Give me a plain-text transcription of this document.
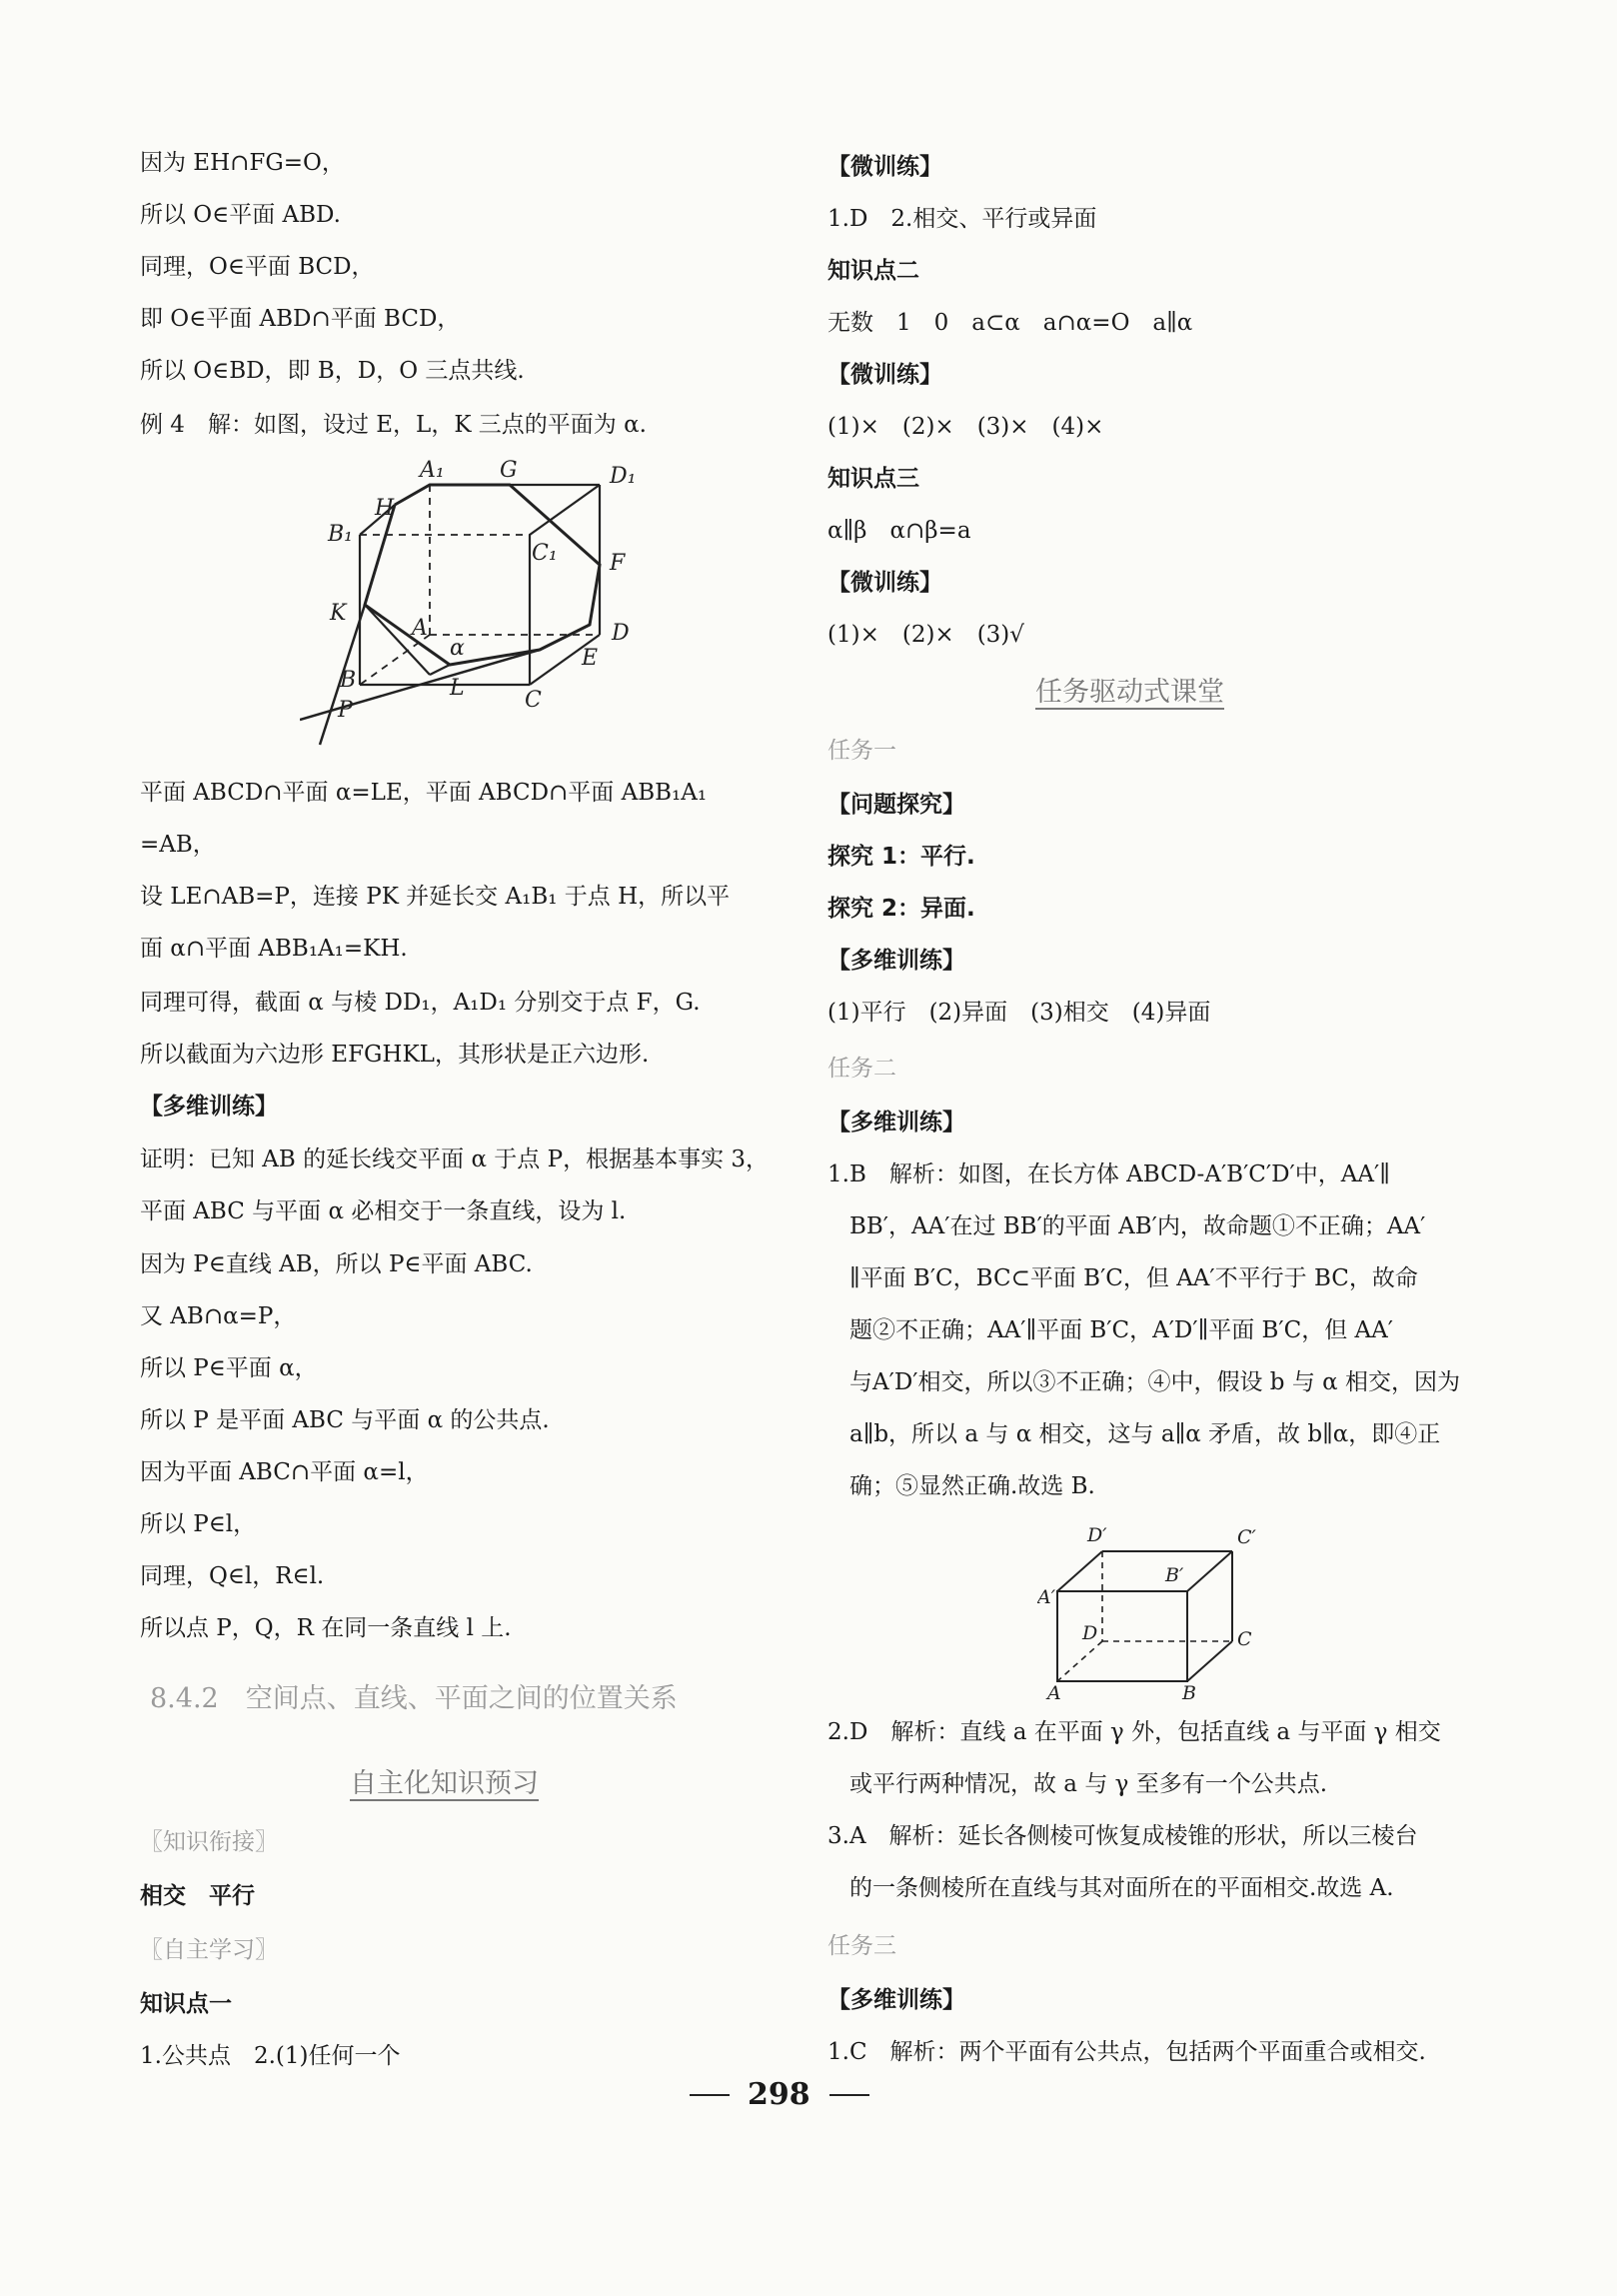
因为 EH∩FG=O，
所以 O∈平面 ABD.
同理，O∈平面 BCD，
即 O∈平面 ABD∩平面 BCD，
所以 O∈BD，即 B，D，O 三点共线.
例 4　解：如图，设过 E，L，K 三点的平面为 α.
A₁	G	D₁
H
B₁
C₁ F
K
A	D
E
α
B
C
L
P
平面 ABCD∩平面 α=LE，平面 ABCD∩平面 ABB₁A₁
=AB，
设 LE∩AB=P，连接 PK 并延长交 A₁B₁ 于点 H，所以平
面 α∩平面 ABB₁A₁=KH.
同理可得，截面 α 与棱 DD₁，A₁D₁ 分别交于点 F，G.
所以截面为六边形 EFGHKL，其形状是正六边形.
【多维训练】
证明：已知 AB 的延长线交平面 α 于点 P，根据基本事实 3，
平面 ABC 与平面 α 必相交于一条直线，设为 l.
因为 P∈直线 AB，所以 P∈平面 ABC.
又 AB∩α=P，
所以 P∈平面 α，
所以 P 是平面 ABC 与平面 α 的公共点.
因为平面 ABC∩平面 α=l，
所以 P∈l，
同理，Q∈l，R∈l.
所以点 P，Q，R 在同一条直线 l 上.
8.4.2　空间点、直线、平面之间的位置关系
自主化知识预习
〖知识衔接〗
相交　平行
〖自主学习〗
知识点一
1.公共点　2.(1)任何一个
【微训练】
1.D　2.相交、平行或异面
知识点二
无数　1　0　a⊂α　a∩α=O　a∥α
【微训练】
(1)×　(2)×　(3)×　(4)×
知识点三
α∥β　α∩β=a
【微训练】
(1)×　(2)×　(3)√
任务驱动式课堂
任务一
【问题探究】
探究 1：平行.
探究 2：异面.
【多维训练】
(1)平行　(2)异面　(3)相交　(4)异面
任务二
【多维训练】
1.B　解析：如图，在长方体 ABCD-A′B′C′D′中，AA′∥
BB′，AA′在过 BB′的平面 AB′内，故命题①不正确；AA′
∥平面 B′C，BC⊂平面 B′C，但 AA′不平行于 BC，故命
题②不正确；AA′∥平面 B′C，A′D′∥平面 B′C，但 AA′
与A′D′相交，所以③不正确；④中，假设 b 与 α 相交，因为
a∥b，所以 a 与 α 相交，这与 a∥α 矛盾，故 b∥α，即④正
确；⑤显然正确.故选 B.
D′	C′
B′
A′
D	C
A	B
2.D　解析：直线 a 在平面 γ 外，包括直线 a 与平面 γ 相交
或平行两种情况，故 a 与 γ 至多有一个公共点.
3.A　解析：延长各侧棱可恢复成棱锥的形状，所以三棱台
的一条侧棱所在直线与其对面所在的平面相交.故选 A.
任务三
【多维训练】
1.C　解析：两个平面有公共点，包括两个平面重合或相交.
298
